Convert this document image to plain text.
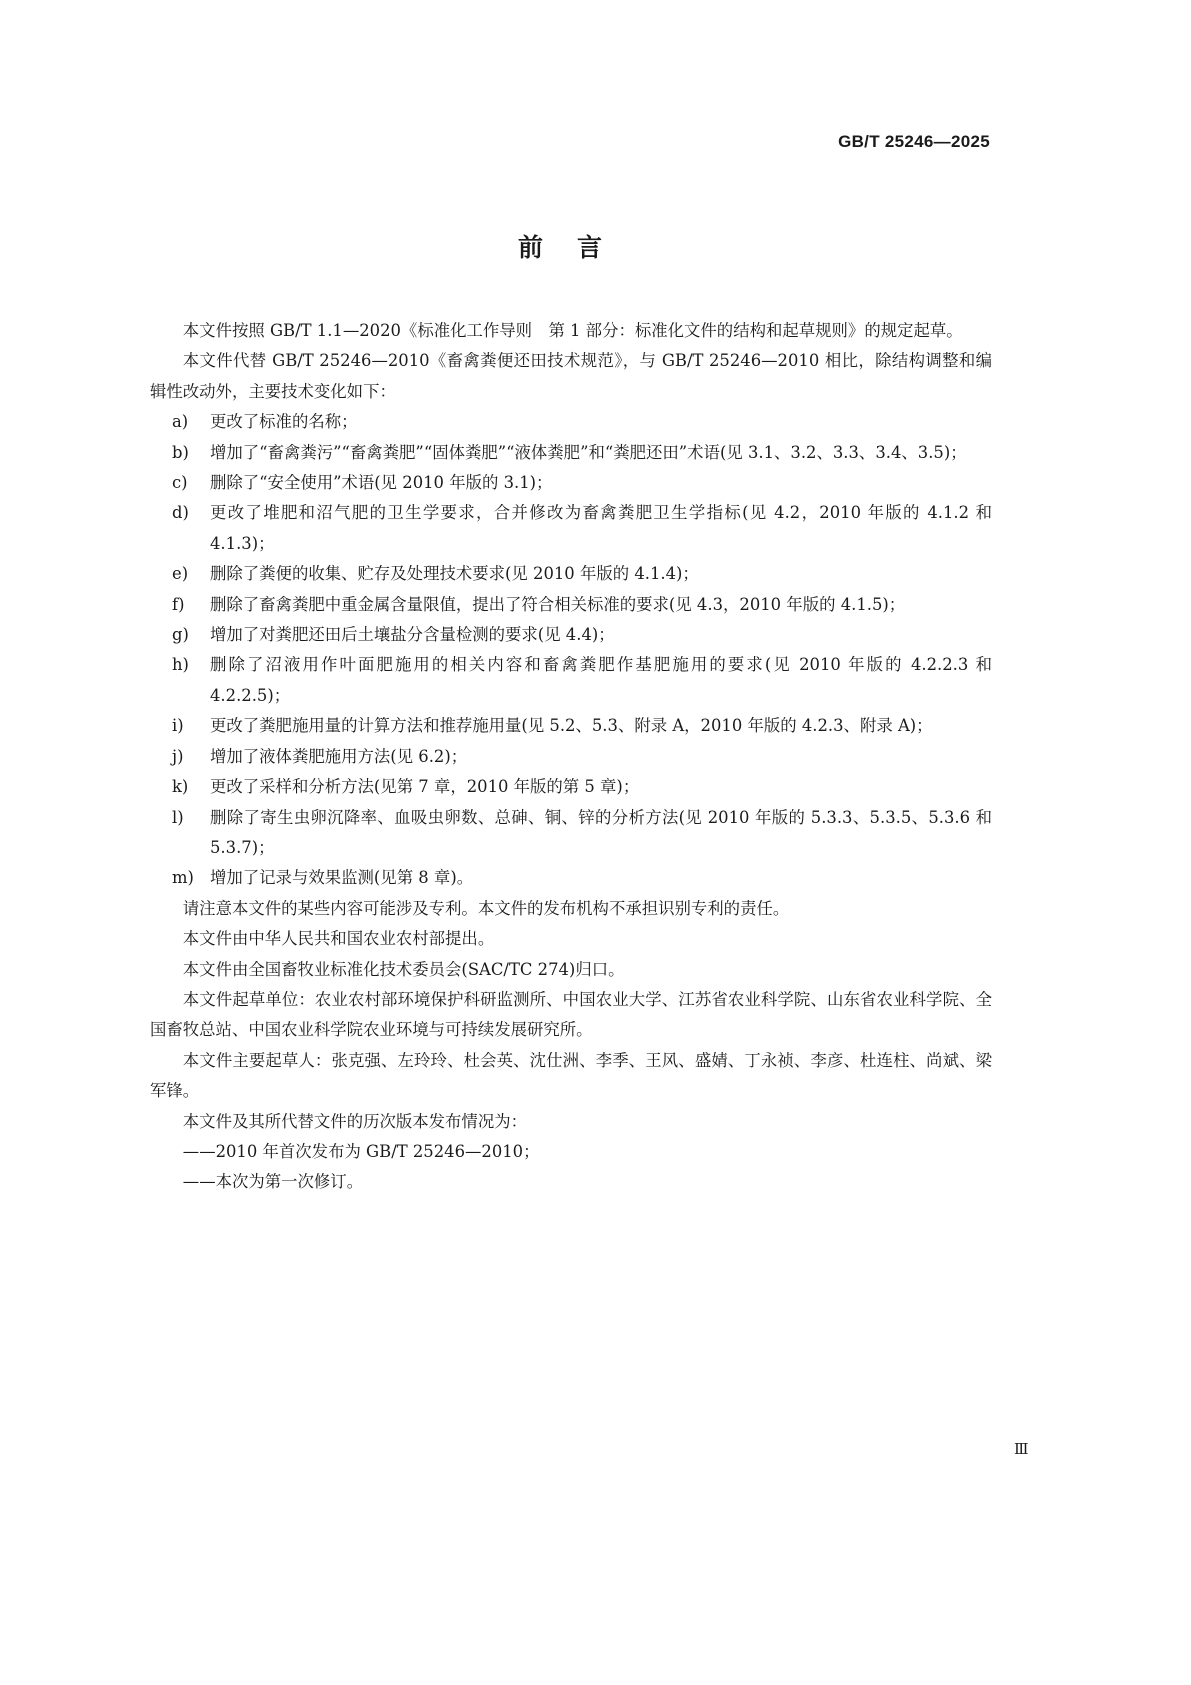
GB/T 25246—2025
前言

本文件按照 GB/T 1.1—2020《标准化工作导则　第 1 部分：标准化文件的结构和起草规则》的规定起草。

本文件代替 GB/T 25246—2010《畜禽粪便还田技术规范》，与 GB/T 25246—2010 相比，除结构调整和编辑性改动外，主要技术变化如下：

a) 更改了标准的名称；

b) 增加了“畜禽粪污”“畜禽粪肥”“固体粪肥”“液体粪肥”和“粪肥还田”术语(见 3.1、3.2、3.3、3.4、3.5)；

c) 删除了“安全使用”术语(见 2010 年版的 3.1)；

d) 更改了堆肥和沼气肥的卫生学要求，合并修改为畜禽粪肥卫生学指标(见 4.2，2010 年版的 4.1.2 和 4.1.3)；

e) 删除了粪便的收集、贮存及处理技术要求(见 2010 年版的 4.1.4)；

f) 删除了畜禽粪肥中重金属含量限值，提出了符合相关标准的要求(见 4.3，2010 年版的 4.1.5)；

g) 增加了对粪肥还田后土壤盐分含量检测的要求(见 4.4)；

h) 删除了沼液用作叶面肥施用的相关内容和畜禽粪肥作基肥施用的要求(见 2010 年版的 4.2.2.3 和 4.2.2.5)；

i) 更改了粪肥施用量的计算方法和推荐施用量(见 5.2、5.3、附录 A，2010 年版的 4.2.3、附录 A)；

j) 增加了液体粪肥施用方法(见 6.2)；

k) 更改了采样和分析方法(见第 7 章，2010 年版的第 5 章)；

l) 删除了寄生虫卵沉降率、血吸虫卵数、总砷、铜、锌的分析方法(见 2010 年版的 5.3.3、5.3.5、5.3.6 和 5.3.7)；

m) 增加了记录与效果监测(见第 8 章)。

请注意本文件的某些内容可能涉及专利。本文件的发布机构不承担识别专利的责任。

本文件由中华人民共和国农业农村部提出。

本文件由全国畜牧业标准化技术委员会(SAC/TC 274)归口。

本文件起草单位：农业农村部环境保护科研监测所、中国农业大学、江苏省农业科学院、山东省农业科学院、全国畜牧总站、中国农业科学院农业环境与可持续发展研究所。

本文件主要起草人：张克强、左玲玲、杜会英、沈仕洲、李季、王风、盛婧、丁永祯、李彦、杜连柱、尚斌、梁军锋。

本文件及其所代替文件的历次版本发布情况为：

——2010 年首次发布为 GB/T 25246—2010；

——本次为第一次修订。

Ⅲ
